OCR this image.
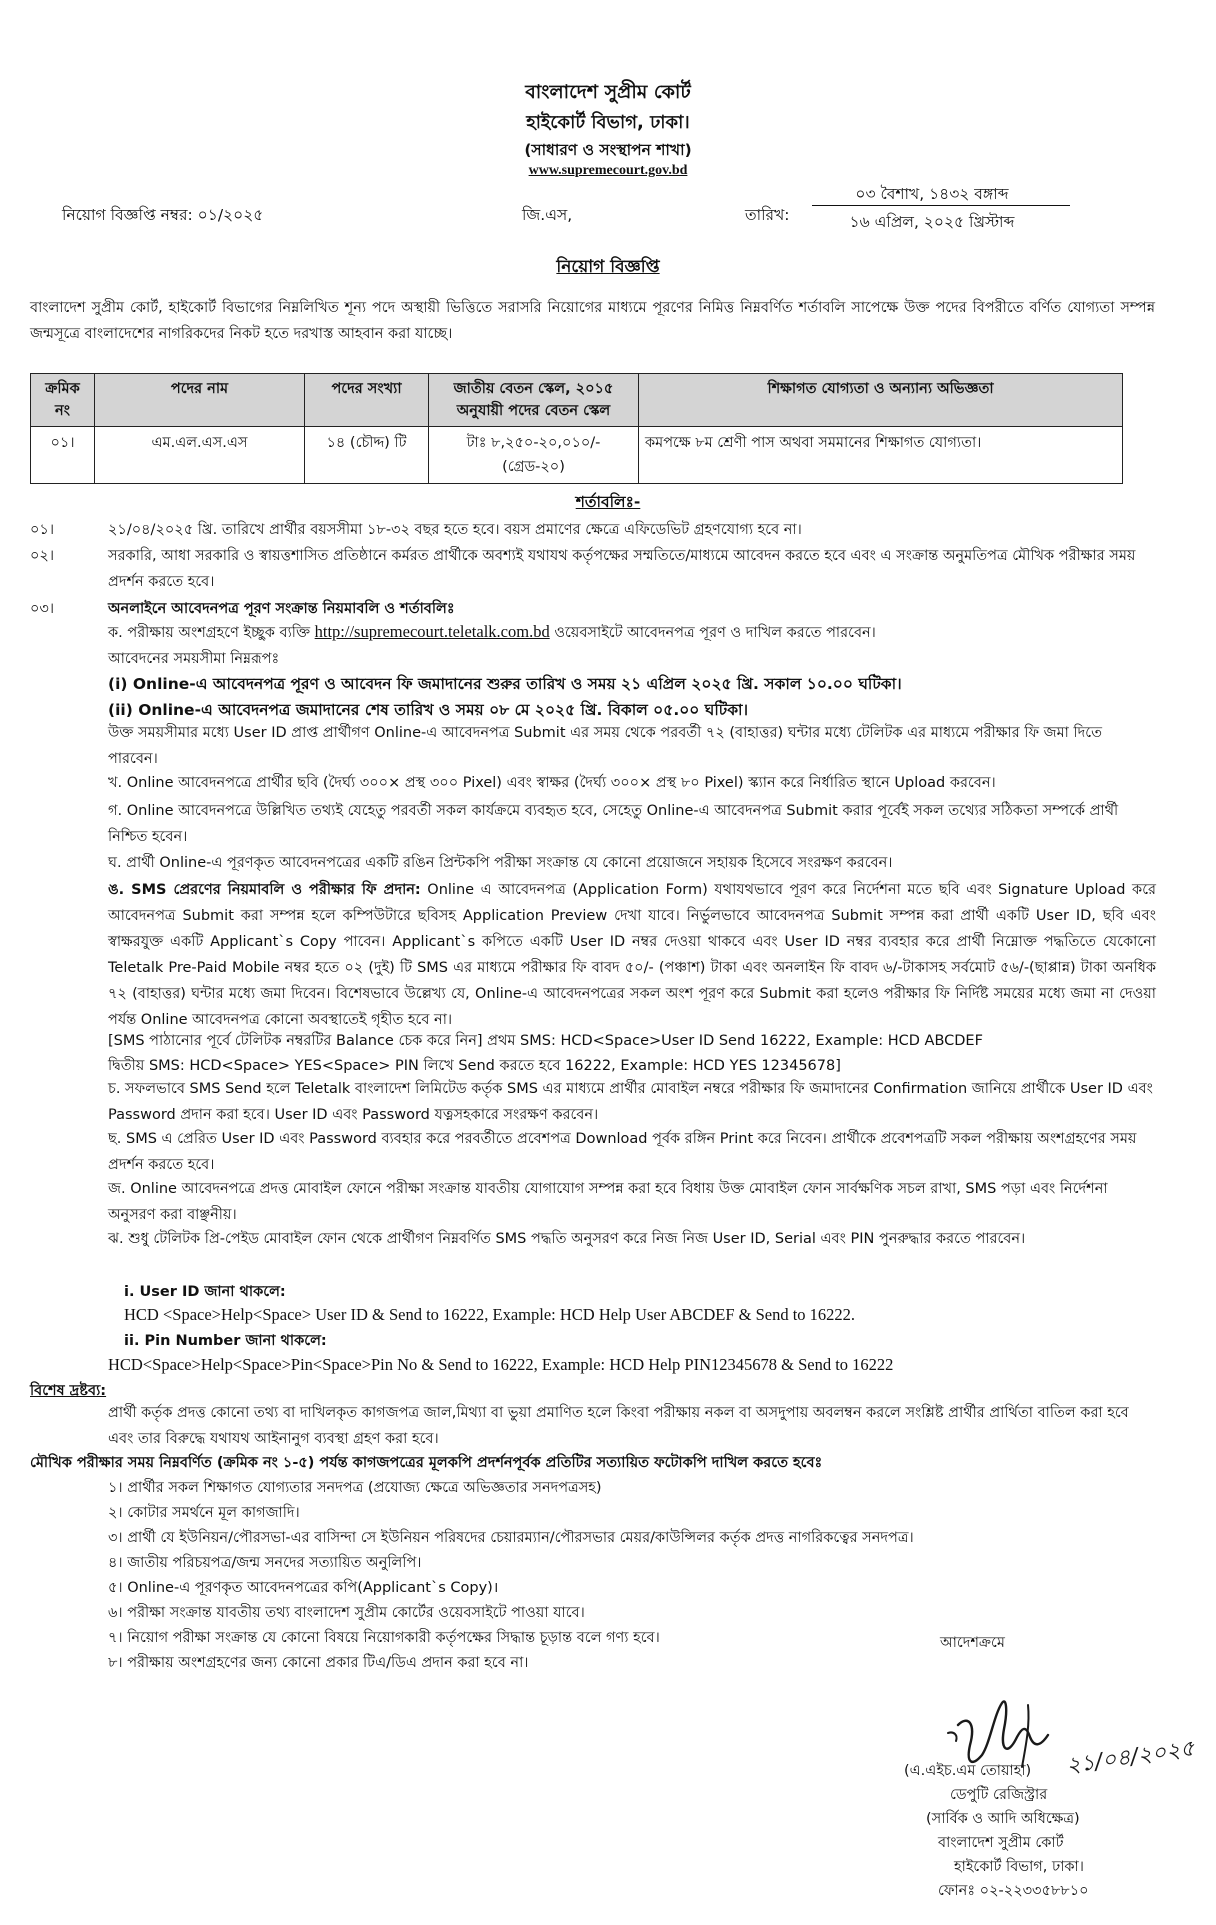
বাংলাদেশ সুপ্রীম কোর্ট
হাইকোর্ট বিভাগ, ঢাকা।
(সাধারণ ও সংস্থাপন শাখা)
www.supremecourt.gov.bd
নিয়োগ বিজ্ঞপ্তি নম্বর: ০১/২০২৫	জি.এস,	তারিখ:
০৩ বৈশাখ, ১৪৩২ বঙ্গাব্দ
১৬ এপ্রিল, ২০২৫ খ্রিস্টাব্দ
নিয়োগ বিজ্ঞপ্তি
বাংলাদেশ সুপ্রীম কোর্ট, হাইকোর্ট বিভাগের নিম্নলিখিত শূন্য পদে অস্থায়ী ভিত্তিতে সরাসরি নিয়োগের মাধ্যমে পূরণের নিমিত্ত নিম্নবর্ণিত শর্তাবলি সাপেক্ষে উক্ত পদের বিপরীতে বর্ণিত যোগ্যতা সম্পন্ন জন্মসূত্রে বাংলাদেশের নাগরিকদের নিকট হতে দরখাস্ত আহবান করা যাচ্ছে।
ক্রমিক নং	পদের নাম	পদের সংখ্যা	জাতীয় বেতন স্কেল, ২০১৫ অনুযায়ী পদের বেতন স্কেল	শিক্ষাগত যোগ্যতা ও অন্যান্য অভিজ্ঞতা
০১।	এম.এল.এস.এস	১৪ (চৌদ্দ) টি	টাঃ ৮,২৫০-২০,০১০/- (গ্রেড-২০)	কমপক্ষে ৮ম শ্রেণী পাস অথবা সমমানের শিক্ষাগত যোগ্যতা।
শর্তাবলিঃ-
০১।	২১/০৪/২০২৫ খ্রি. তারিখে প্রার্থীর বয়সসীমা ১৮-৩২ বছর হতে হবে। বয়স প্রমাণের ক্ষেত্রে এফিডেভিট গ্রহণযোগ্য হবে না।
০২।	সরকারি, আধা সরকারি ও স্বায়ত্তশাসিত প্রতিষ্ঠানে কর্মরত প্রার্থীকে অবশ্যই যথাযথ কর্তৃপক্ষের সম্মতিতে/মাধ্যমে আবেদন করতে হবে এবং এ সংক্রান্ত অনুমতিপত্র মৌখিক পরীক্ষার সময় প্রদর্শন করতে হবে।
০৩।	অনলাইনে আবেদনপত্র পূরণ সংক্রান্ত নিয়মাবলি ও শর্তাবলিঃ
ক. পরীক্ষায় অংশগ্রহণে ইচ্ছুক ব্যক্তি http://supremecourt.teletalk.com.bd ওয়েবসাইটে আবেদনপত্র পূরণ ও দাখিল করতে পারবেন।
আবেদনের সময়সীমা নিম্নরূপঃ
(i) Online-এ আবেদনপত্র পূরণ ও আবেদন ফি জমাদানের শুরুর তারিখ ও সময় ২১ এপ্রিল ২০২৫ খ্রি. সকাল ১০.০০ ঘটিকা।
(ii) Online-এ আবেদনপত্র জমাদানের শেষ তারিখ ও সময় ০৮ মে ২০২৫ খ্রি. বিকাল ০৫.০০ ঘটিকা।
উক্ত সময়সীমার মধ্যে User ID প্রাপ্ত প্রার্থীগণ Online-এ আবেদনপত্র Submit এর সময় থেকে পরবর্তী ৭২ (বাহাত্তর) ঘন্টার মধ্যে টেলিটক এর মাধ্যমে পরীক্ষার ফি জমা দিতে পারবেন।
খ. Online আবেদনপত্রে প্রার্থীর ছবি (দৈর্ঘ্য ৩০০× প্রস্থ ৩০০ Pixel) এবং স্বাক্ষর (দৈর্ঘ্য ৩০০× প্রস্থ ৮০ Pixel) স্ক্যান করে নির্ধারিত স্থানে Upload করবেন।
গ. Online আবেদনপত্রে উল্লিখিত তথ্যই যেহেতু পরবর্তী সকল কার্যক্রমে ব্যবহৃত হবে, সেহেতু Online-এ আবেদনপত্র Submit করার পূর্বেই সকল তথ্যের সঠিকতা সম্পর্কে প্রার্থী নিশ্চিত হবেন।
ঘ. প্রার্থী Online-এ পূরণকৃত আবেদনপত্রের একটি রঙিন প্রিন্টকপি পরীক্ষা সংক্রান্ত যে কোনো প্রয়োজনে সহায়ক হিসেবে সংরক্ষণ করবেন।
ঙ. SMS প্রেরণের নিয়মাবলি ও পরীক্ষার ফি প্রদান: Online এ আবেদনপত্র (Application Form) যথাযথভাবে পূরণ করে নির্দেশনা মতে ছবি এবং Signature Upload করে আবেদনপত্র Submit করা সম্পন্ন হলে কম্পিউটারে ছবিসহ Application Preview দেখা যাবে। নির্ভুলভাবে আবেদনপত্র Submit সম্পন্ন করা প্রার্থী একটি User ID, ছবি এবং স্বাক্ষরযুক্ত একটি Applicant`s Copy পাবেন। Applicant`s কপিতে একটি User ID নম্বর দেওয়া থাকবে এবং User ID নম্বর ব্যবহার করে প্রার্থী নিম্নোক্ত পদ্ধতিতে যেকোনো Teletalk Pre-Paid Mobile নম্বর হতে ০২ (দুই) টি SMS এর মাধ্যমে পরীক্ষার ফি বাবদ ৫০/- (পঞ্চাশ) টাকা এবং অনলাইন ফি বাবদ ৬/-টাকাসহ সর্বমোট ৫৬/-(ছাপ্পান্ন) টাকা অনধিক ৭২ (বাহাত্তর) ঘন্টার মধ্যে জমা দিবেন। বিশেষভাবে উল্লেখ্য যে, Online-এ আবেদনপত্রের সকল অংশ পূরণ করে Submit করা হলেও পরীক্ষার ফি নির্দিষ্ট সময়ের মধ্যে জমা না দেওয়া পর্যন্ত Online আবেদনপত্র কোনো অবস্থাতেই গৃহীত হবে না।
[SMS পাঠানোর পূর্বে টেলিটক নম্বরটির Balance চেক করে নিন] প্রথম SMS: HCD<Space>User ID Send 16222, Example: HCD ABCDEF
দ্বিতীয় SMS: HCD<Space> YES<Space> PIN লিখে Send করতে হবে 16222, Example: HCD YES 12345678]
চ. সফলভাবে SMS Send হলে Teletalk বাংলাদেশ লিমিটেড কর্তৃক SMS এর মাধ্যমে প্রার্থীর মোবাইল নম্বরে পরীক্ষার ফি জমাদানের Confirmation জানিয়ে প্রার্থীকে User ID এবং Password প্রদান করা হবে। User ID এবং Password যত্নসহকারে সংরক্ষণ করবেন।
ছ. SMS এ প্রেরিত User ID এবং Password ব্যবহার করে পরবর্তীতে প্রবেশপত্র Download পূর্বক রঙ্গিন Print করে নিবেন। প্রার্থীকে প্রবেশপত্রটি সকল পরীক্ষায় অংশগ্রহণের সময় প্রদর্শন করতে হবে।
জ. Online আবেদনপত্রে প্রদত্ত মোবাইল ফোনে পরীক্ষা সংক্রান্ত যাবতীয় যোগাযোগ সম্পন্ন করা হবে বিধায় উক্ত মোবাইল ফোন সার্বক্ষণিক সচল রাখা, SMS পড়া এবং নির্দেশনা অনুসরণ করা বাঞ্ছনীয়।
ঝ. শুধু টেলিটক প্রি-পেইড মোবাইল ফোন থেকে প্রার্থীগণ নিম্নবর্ণিত SMS পদ্ধতি অনুসরণ করে নিজ নিজ User ID, Serial এবং PIN পুনরুদ্ধার করতে পারবেন।
i. User ID জানা থাকলে:
HCD <Space>Help<Space> User ID & Send to 16222, Example: HCD Help User ABCDEF & Send to 16222.
ii. Pin Number জানা থাকলে:
HCD<Space>Help<Space>Pin<Space>Pin No & Send to 16222, Example: HCD Help PIN12345678 & Send to 16222
বিশেষ দ্রষ্টব্য:
প্রার্থী কর্তৃক প্রদত্ত কোনো তথ্য বা দাখিলকৃত কাগজপত্র জাল,মিথ্যা বা ভুয়া প্রমাণিত হলে কিংবা পরীক্ষায় নকল বা অসদুপায় অবলম্বন করলে সংশ্লিষ্ট প্রার্থীর প্রার্থিতা বাতিল করা হবে এবং তার বিরুদ্ধে যথাযথ আইনানুগ ব্যবস্থা গ্রহণ করা হবে।
মৌখিক পরীক্ষার সময় নিম্নবর্ণিত (ক্রমিক নং ১-৫) পর্যন্ত কাগজপত্রের মূলকপি প্রদর্শনপূর্বক প্রতিটির সত্যায়িত ফটোকপি দাখিল করতে হবেঃ
১। প্রার্থীর সকল শিক্ষাগত যোগ্যতার সনদপত্র (প্রযোজ্য ক্ষেত্রে অভিজ্ঞতার সনদপত্রসহ)
২। কোটার সমর্থনে মূল কাগজাদি।
৩। প্রার্থী যে ইউনিয়ন/পৌরসভা-এর বাসিন্দা সে ইউনিয়ন পরিষদের চেয়ারম্যান/পৌরসভার মেয়র/কাউন্সিলর কর্তৃক প্রদত্ত নাগরিকত্বের সনদপত্র।
৪। জাতীয় পরিচয়পত্র/জন্ম সনদের সত্যায়িত অনুলিপি।
৫। Online-এ পূরণকৃত আবেদনপত্রের কপি(Applicant`s Copy)।
৬। পরীক্ষা সংক্রান্ত যাবতীয় তথ্য বাংলাদেশ সুপ্রীম কোর্টের ওয়েবসাইটে পাওয়া যাবে।
৭। নিয়োগ পরীক্ষা সংক্রান্ত যে কোনো বিষয়ে নিয়োগকারী কর্তৃপক্ষের সিদ্ধান্ত চূড়ান্ত বলে গণ্য হবে।
৮। পরীক্ষায় অংশগ্রহণের জন্য কোনো প্রকার টিএ/ডিএ প্রদান করা হবে না।
আদেশক্রমে
২১/০৪/২০২৫
(এ.এইচ.এম তোয়াহা)
ডেপুটি রেজিস্ট্রার
(সার্বিক ও আদি অধিক্ষেত্র)
বাংলাদেশ সুপ্রীম কোর্ট
হাইকোর্ট বিভাগ, ঢাকা।
ফোনঃ ০২-২২৩৩৫৮৮১০
